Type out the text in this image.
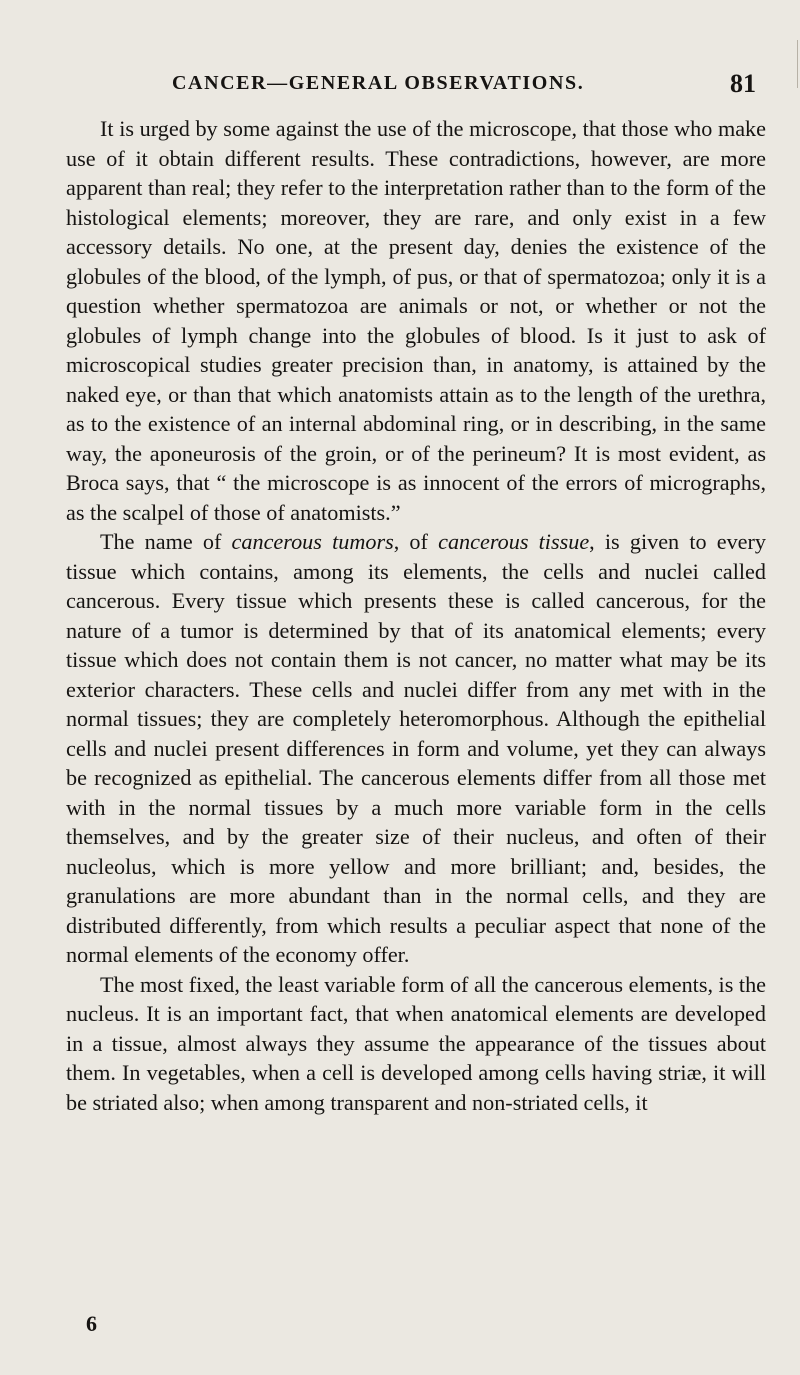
CANCER—GENERAL OBSERVATIONS.	81

It is urged by some against the use of the microscope, that those who make use of it obtain different results. These contradictions, however, are more apparent than real; they refer to the interpretation rather than to the form of the histological elements; moreover, they are rare, and only exist in a few accessory details. No one, at the present day, denies the existence of the globules of the blood, of the lymph, of pus, or that of spermatozoa; only it is a question whether spermatozoa are animals or not, or whether or not the globules of lymph change into the globules of blood. Is it just to ask of microscopical studies greater precision than, in anatomy, is attained by the naked eye, or than that which anatomists attain as to the length of the urethra, as to the existence of an internal abdominal ring, or in describing, in the same way, the aponeurosis of the groin, or of the perineum? It is most evident, as Broca says, that “ the microscope is as innocent of the errors of micrographs, as the scalpel of those of anatomists.”

The name of cancerous tumors, of cancerous tissue, is given to every tissue which contains, among its elements, the cells and nuclei called cancerous. Every tissue which presents these is called cancerous, for the nature of a tumor is determined by that of its anatomical elements; every tissue which does not contain them is not cancer, no matter what may be its exterior characters. These cells and nuclei differ from any met with in the normal tissues; they are completely heteromorphous. Although the epithelial cells and nuclei present differences in form and volume, yet they can always be recognized as epithelial. The cancerous elements differ from all those met with in the normal tissues by a much more variable form in the cells themselves, and by the greater size of their nucleus, and often of their nucleolus, which is more yellow and more brilliant; and, besides, the granulations are more abundant than in the normal cells, and they are distributed differently, from which results a peculiar aspect that none of the normal elements of the economy offer.

The most fixed, the least variable form of all the cancerous elements, is the nucleus. It is an important fact, that when anatomical elements are developed in a tissue, almost always they assume the appearance of the tissues about them. In vegetables, when a cell is developed among cells having striæ, it will be striated also; when among transparent and non-striated cells, it

6
